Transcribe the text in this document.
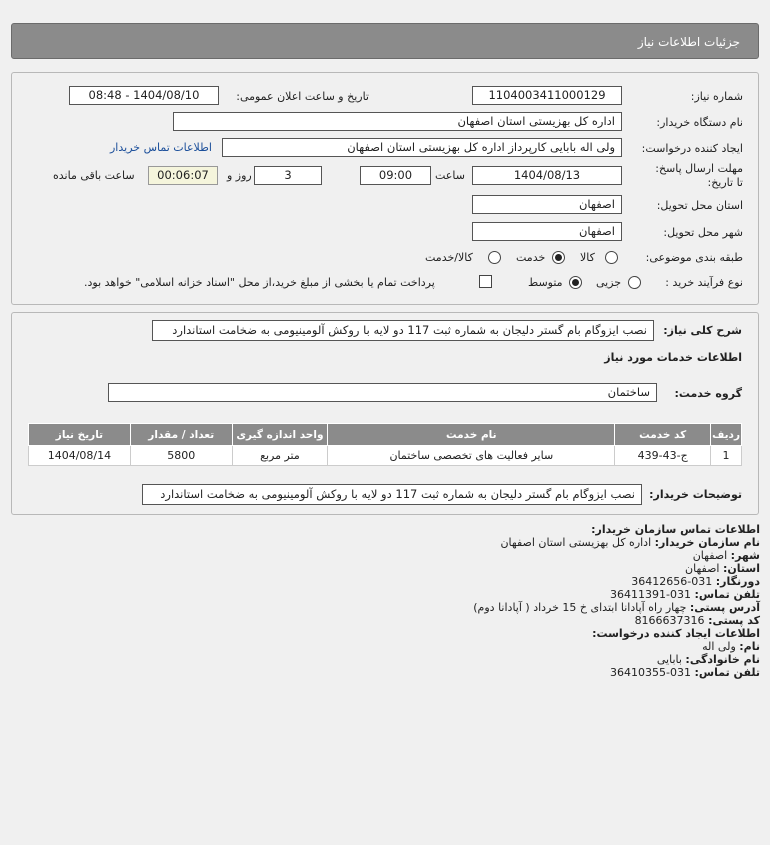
جزئیات اطلاعات نیاز
شماره نیاز:
1104003411000129
تاریخ و ساعت اعلان عمومی:
1404/08/10 - 08:48
نام دستگاه خریدار:
اداره کل بهزیستی استان اصفهان
ایجاد کننده درخواست:
ولی اله بابایی کارپرداز اداره کل بهزیستی استان اصفهان
اطلاعات تماس خریدار
مهلت ارسال پاسخ: تا تاریخ:
1404/08/13
ساعت
09:00
3
روز و
00:06:07
ساعت باقی مانده
استان محل تحویل:
اصفهان
شهر محل تحویل:
اصفهان
طبقه بندی موضوعی:
کالا
خدمت
کالا/خدمت
نوع فرآیند خرید :
جزیی
متوسط
پرداخت تمام یا بخشی از مبلغ خرید،از محل "اسناد خزانه اسلامی" خواهد بود.
شرح کلی نیاز:
نصب ایزوگام بام گستر دلیجان به شماره ثبت 117 دو لایه با روکش آلومینیومی به ضخامت استاندارد
اطلاعات خدمات مورد نیاز
گروه خدمت:
ساختمان
ردیف	کد خدمت	نام خدمت	واحد اندازه گیری	تعداد / مقدار	تاریخ نیاز
1	ج-43-439	سایر فعالیت های تخصصی ساختمان	متر مربع	5800	1404/08/14
توضیحات خریدار:
نصب ایزوگام بام گستر دلیجان به شماره ثبت 117 دو لایه با روکش آلومینیومی به ضخامت استاندارد
اطلاعات تماس سازمان خریدار:
نام سازمان خریدار: اداره کل بهزیستی استان اصفهان
شهر: اصفهان
استان: اصفهان
دورنگار: 031-36412656
تلفن تماس: 031-36411391
آدرس پستی: چهار راه آپادانا ابتدای خ 15 خرداد ( آپادانا دوم)
کد پستی: 8166637316
اطلاعات ایجاد کننده درخواست:
نام: ولی اله
نام خانوادگی: بابایی
تلفن تماس: 031-36410355
